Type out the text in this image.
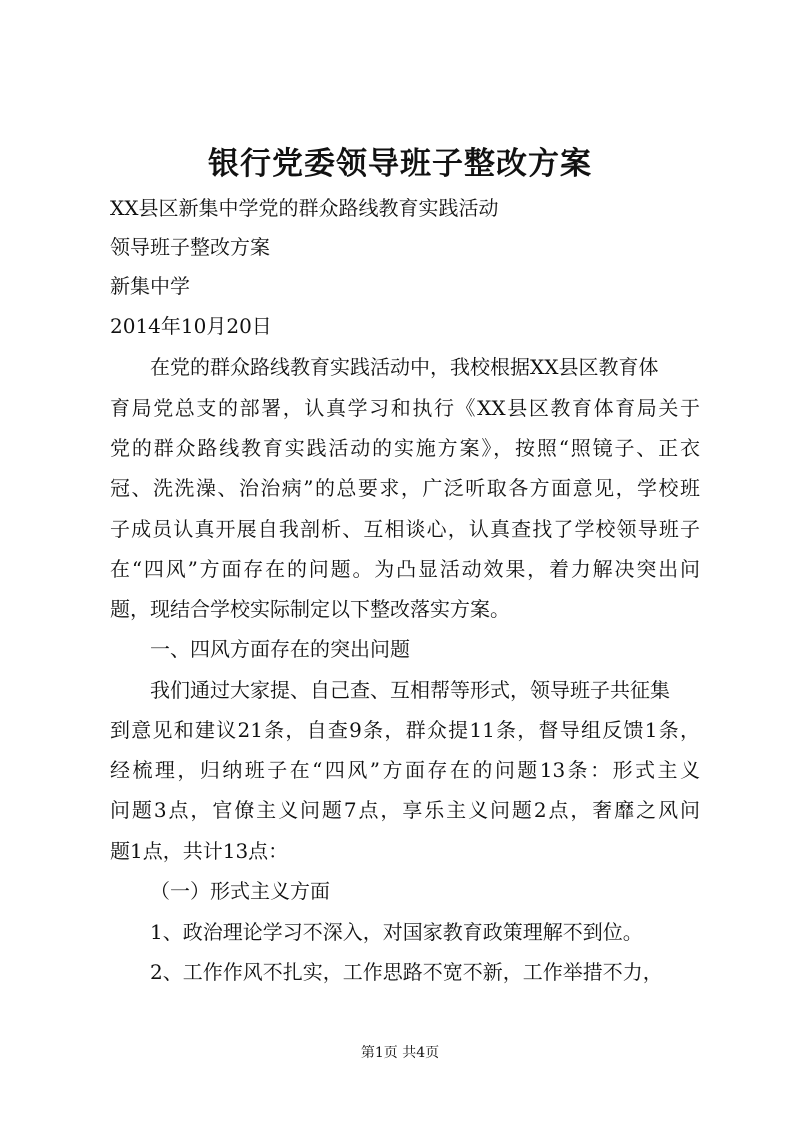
银行党委领导班子整改方案

XX县区新集中学党的群众路线教育实践活动

领导班子整改方案

新集中学

2014年10月20日

在党的群众路线教育实践活动中，我校根据XX县区教育体

育局党总支的部署，认真学习和执行《XX县区教育体育局关于

党的群众路线教育实践活动的实施方案》，按照“照镜子、正衣

冠、洗洗澡、治治病”的总要求，广泛听取各方面意见，学校班

子成员认真开展自我剖析、互相谈心，认真查找了学校领导班子

在“四风”方面存在的问题。为凸显活动效果，着力解决突出问

题，现结合学校实际制定以下整改落实方案。

一、四风方面存在的突出问题

我们通过大家提、自己查、互相帮等形式，领导班子共征集

到意见和建议21条，自查9条，群众提11条，督导组反馈1条，

经梳理，归纳班子在“四风”方面存在的问题13条：形式主义

问题3点，官僚主义问题7点，享乐主义问题2点，奢靡之风问

题1点，共计13点：

（一）形式主义方面

1、政治理论学习不深入，对国家教育政策理解不到位。

2、工作作风不扎实，工作思路不宽不新，工作举措不力，

第1页 共4页
